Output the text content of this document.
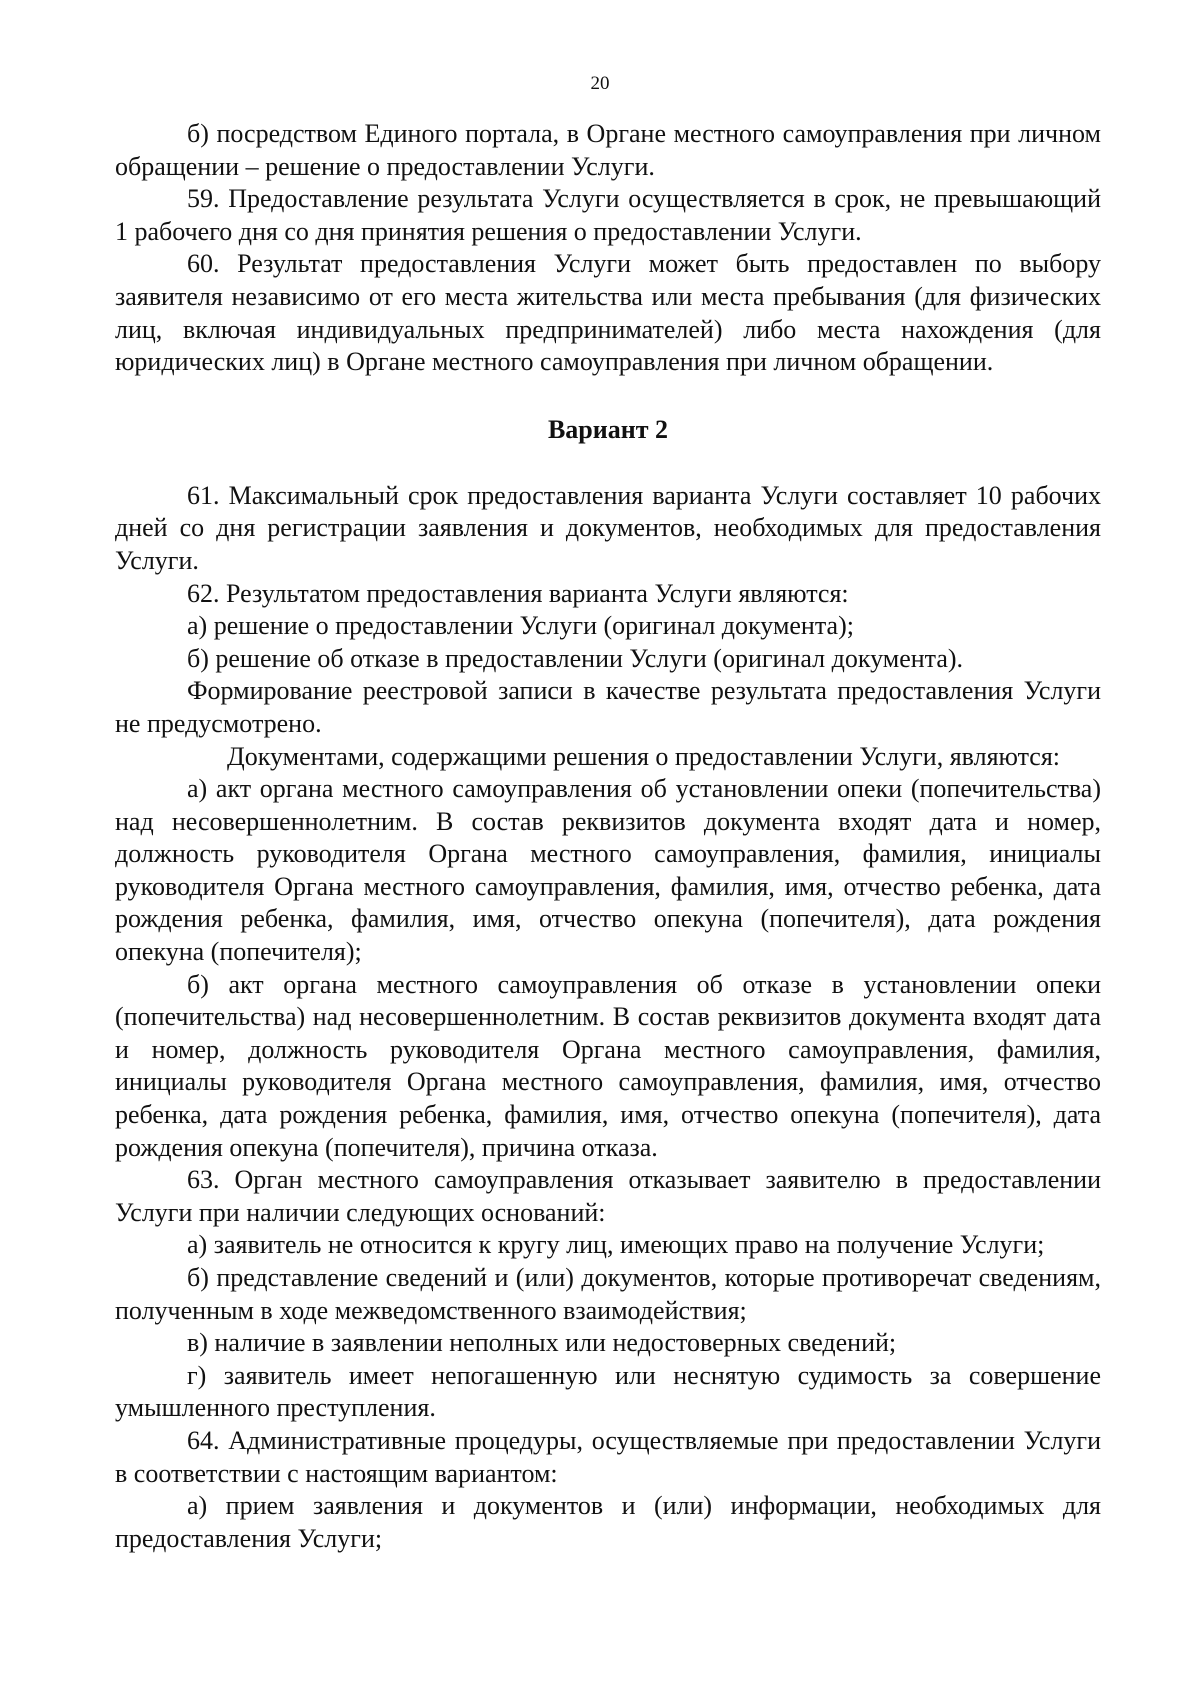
20

б) посредством Единого портала, в Органе местного самоуправления при личном обращении – решение о предоставлении Услуги.

59. Предоставление результата Услуги осуществляется в срок, не превышающий 1 рабочего дня со дня принятия решения о предоставлении Услуги.

60. Результат предоставления Услуги может быть предоставлен по выбору заявителя независимо от его места жительства или места пребывания (для физических лиц, включая индивидуальных предпринимателей) либо места нахождения (для юридических лиц) в Органе местного самоуправления при личном обращении.

Вариант 2

61. Максимальный срок предоставления варианта Услуги составляет 10 рабочих дней со дня регистрации заявления и документов, необходимых для предоставления Услуги.

62. Результатом предоставления варианта Услуги являются:

а) решение о предоставлении Услуги (оригинал документа);

б) решение об отказе в предоставлении Услуги (оригинал документа).

Формирование реестровой записи в качестве результата предоставления Услуги не предусмотрено.

Документами, содержащими решения о предоставлении Услуги, являются:

а) акт органа местного самоуправления об установлении опеки (попечительства) над несовершеннолетним. В состав реквизитов документа входят дата и номер, должность руководителя Органа местного самоуправления, фамилия, инициалы руководителя Органа местного самоуправления, фамилия, имя, отчество ребенка, дата рождения ребенка, фамилия, имя, отчество опекуна (попечителя), дата рождения опекуна (попечителя);

б) акт органа местного самоуправления об отказе в установлении опеки (попечительства) над несовершеннолетним. В состав реквизитов документа входят дата и номер, должность руководителя Органа местного самоуправления, фамилия, инициалы руководителя Органа местного самоуправления, фамилия, имя, отчество ребенка, дата рождения ребенка, фамилия, имя, отчество опекуна (попечителя), дата рождения опекуна (попечителя), причина отказа.

63. Орган местного самоуправления отказывает заявителю в предоставлении Услуги при наличии следующих оснований:

а) заявитель не относится к кругу лиц, имеющих право на получение Услуги;

б) представление сведений и (или) документов, которые противоречат сведениям, полученным в ходе межведомственного взаимодействия;

в) наличие в заявлении неполных или недостоверных сведений;

г) заявитель имеет непогашенную или неснятую судимость за совершение умышленного преступления.

64. Административные процедуры, осуществляемые при предоставлении Услуги в соответствии с настоящим вариантом:

а) прием заявления и документов и (или) информации, необходимых для предоставления Услуги;
